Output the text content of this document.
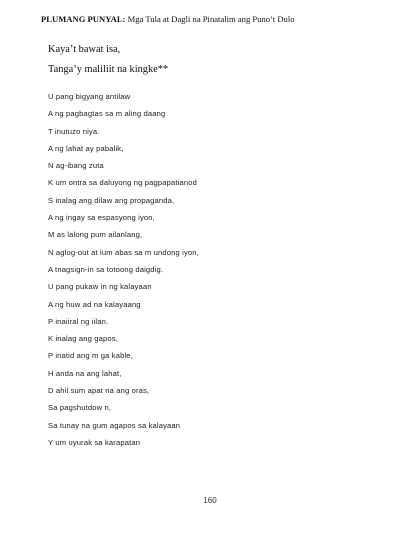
PLUMANG PUNYAL: Mga Tula at Dagli na Pinatalim ang Puno’t Dulo
Kaya’t bawat isa,
Tanga’y maliliit na kingke**
U pang bigyang antilaw
A ng pagbagtas sa m aling daang
T inutuzo niya.
A ng lahat ay pabalik,
N ag-ibang zuta
K um ontra sa daluyong ng pagpapatianod
S inalag ang dilaw ang propaganda,
A ng ingay sa espasyong iyon,
M as lalong pum ailanlang,
N aglog-out at lum abas sa m undong iyon,
A tnagsign-in sa totoong daigdig.
U pang pukaw in ng kalayaan
A ng huw ad na kalayaang
P inaiiral ng iilan.
K inalag ang gapos,
P inatid ang m ga kable,
H anda na ang lahat,
D ahil sum apat na ang oras,
Sa pagshutdow n,
Sa tunay na gum agapos sa kalayaan
Y um uyurak sa karapatan
160
